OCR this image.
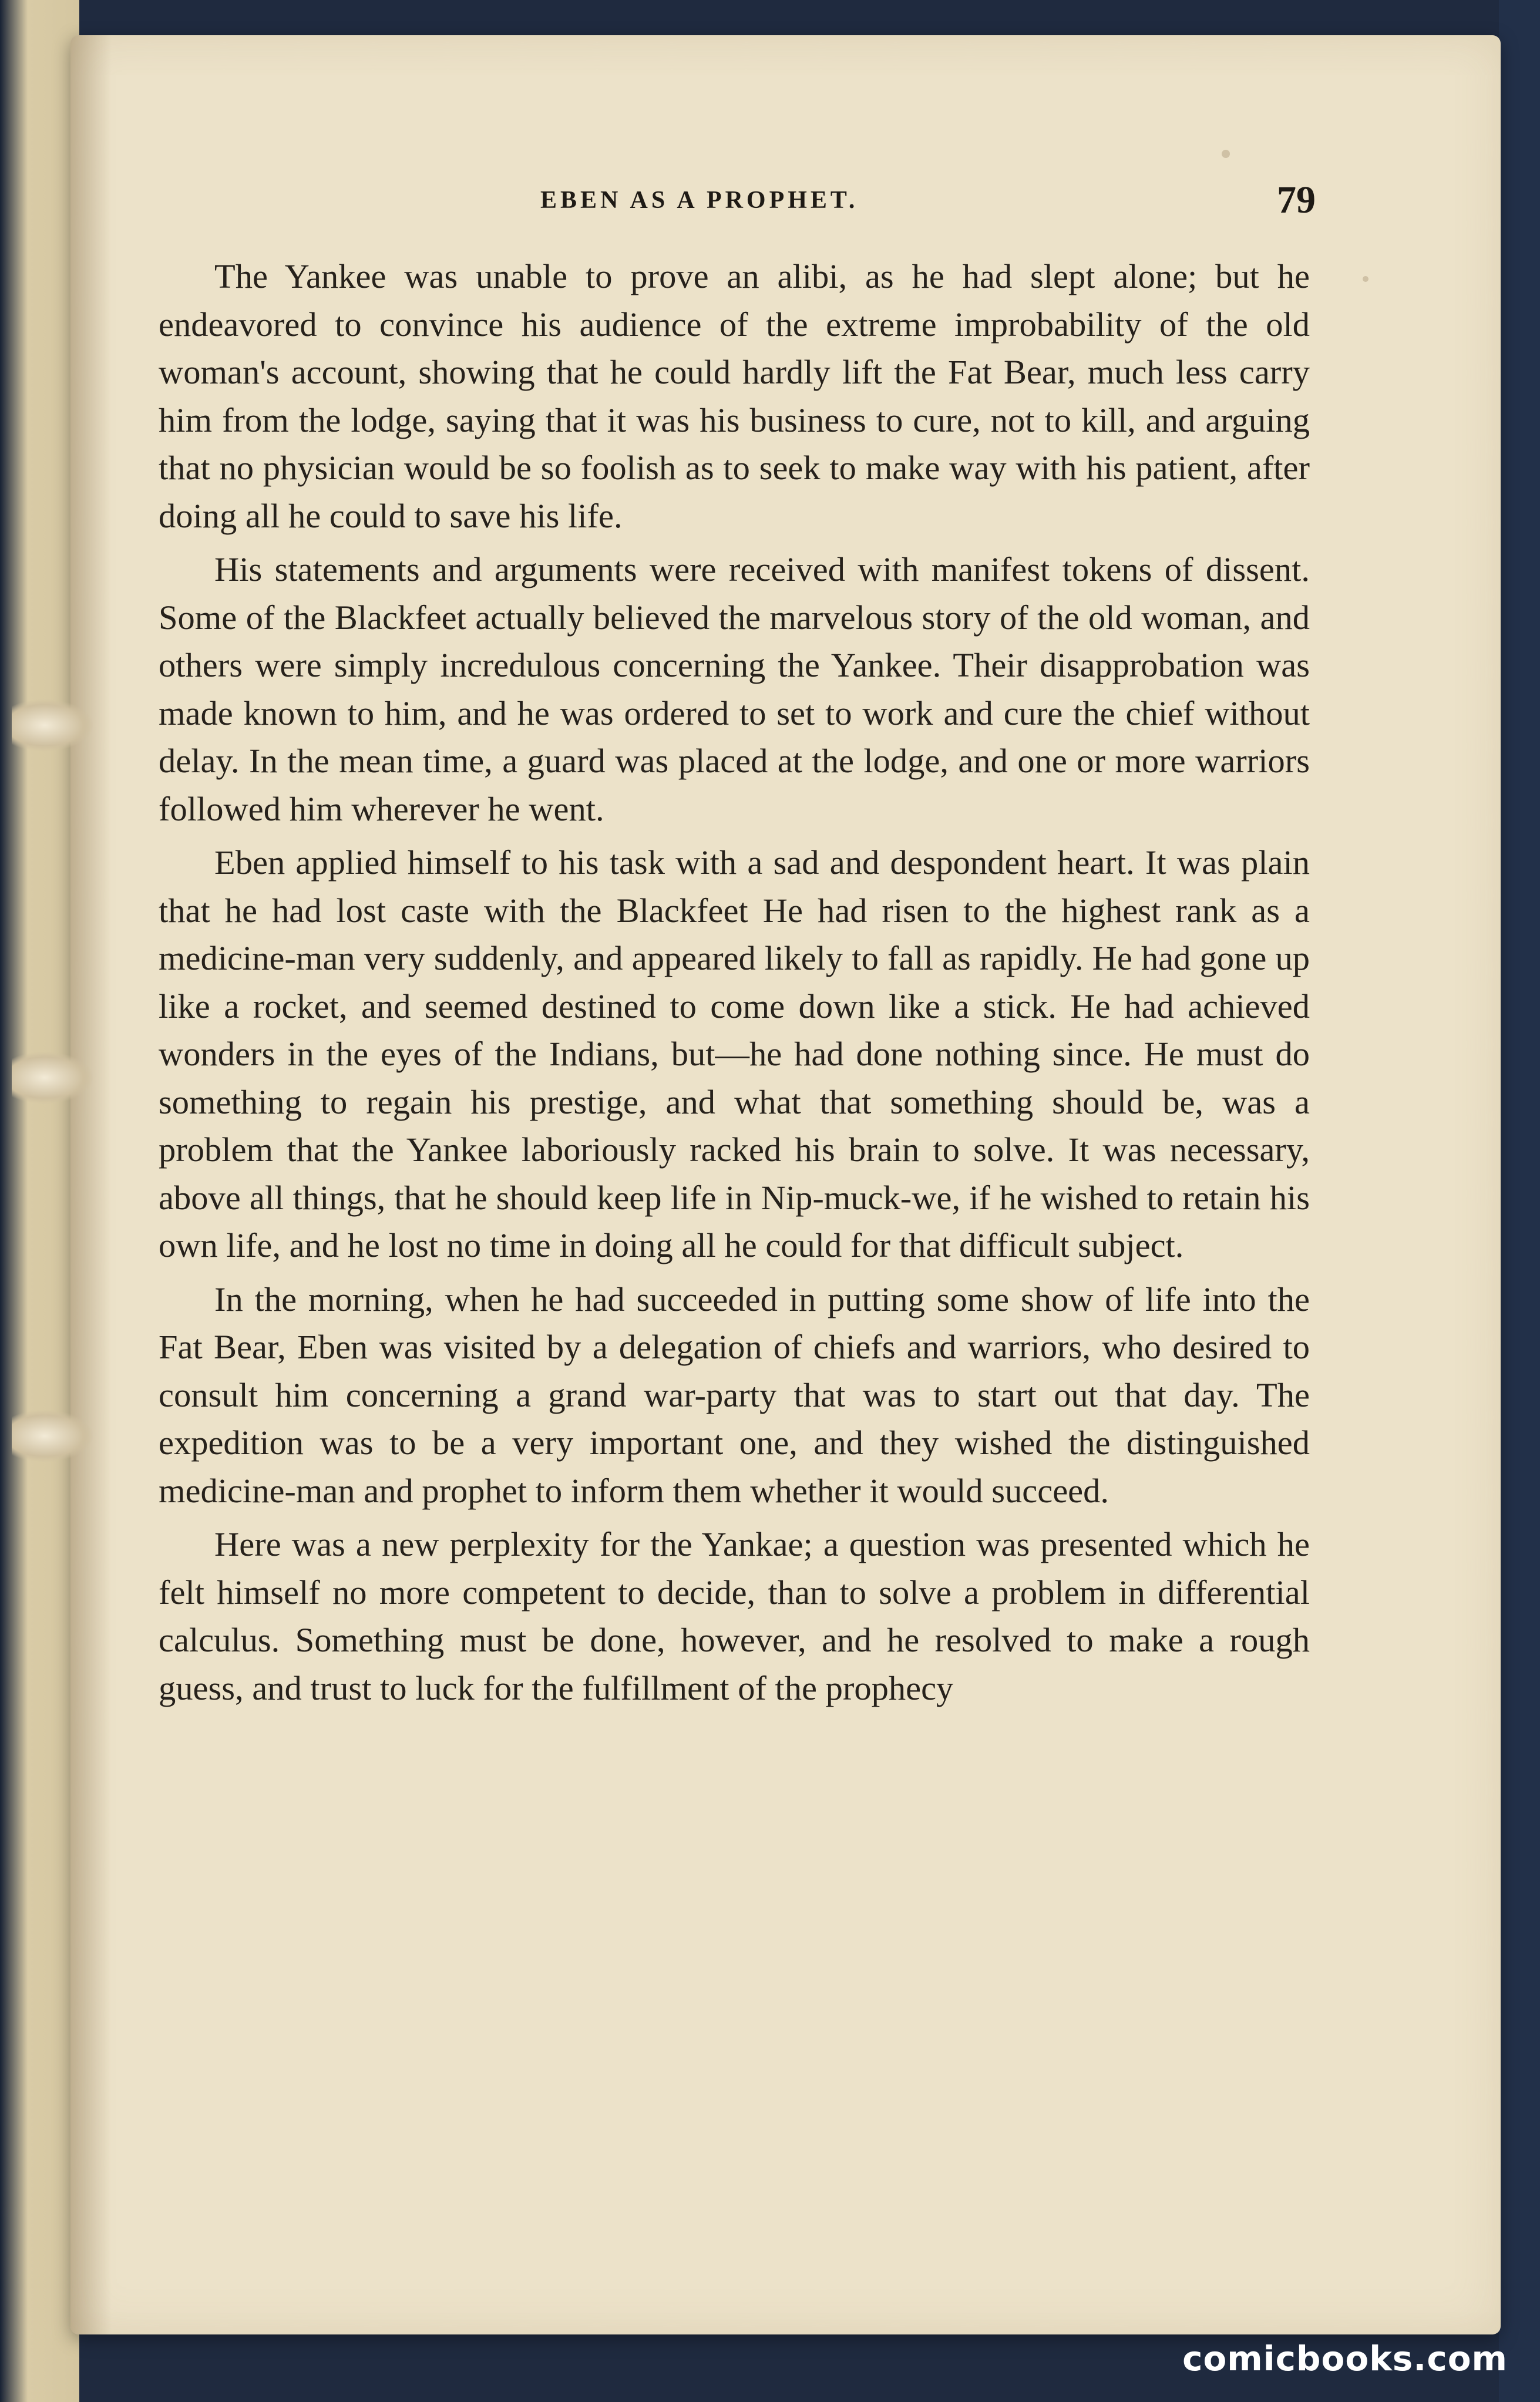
EBEN AS A PROPHET.	79

The Yankee was unable to prove an alibi, as he had slept alone; but he endeavored to convince his audience of the extreme improbability of the old woman's account, showing that he could hardly lift the Fat Bear, much less carry him from the lodge, saying that it was his business to cure, not to kill, and arguing that no physician would be so foolish as to seek to make way with his patient, after doing all he could to save his life.

His statements and arguments were received with manifest tokens of dissent. Some of the Blackfeet actually believed the marvelous story of the old woman, and others were simply incredulous concerning the Yankee. Their disapprobation was made known to him, and he was ordered to set to work and cure the chief without delay. In the mean time, a guard was placed at the lodge, and one or more warriors followed him wherever he went.

Eben applied himself to his task with a sad and despondent heart. It was plain that he had lost caste with the Blackfeet He had risen to the highest rank as a medicine-man very suddenly, and appeared likely to fall as rapidly. He had gone up like a rocket, and seemed destined to come down like a stick. He had achieved wonders in the eyes of the Indians, but—he had done nothing since. He must do something to regain his prestige, and what that something should be, was a problem that the Yankee laboriously racked his brain to solve. It was necessary, above all things, that he should keep life in Nip-muck-we, if he wished to retain his own life, and he lost no time in doing all he could for that difficult subject.

In the morning, when he had succeeded in putting some show of life into the Fat Bear, Eben was visited by a delegation of chiefs and warriors, who desired to consult him concerning a grand war-party that was to start out that day. The expedition was to be a very important one, and they wished the distinguished medicine-man and prophet to inform them whether it would succeed.

Here was a new perplexity for the Yankae; a question was presented which he felt himself no more competent to decide, than to solve a problem in differential calculus. Something must be done, however, and he resolved to make a rough guess, and trust to luck for the fulfillment of the prophecy

comicbooks.com
